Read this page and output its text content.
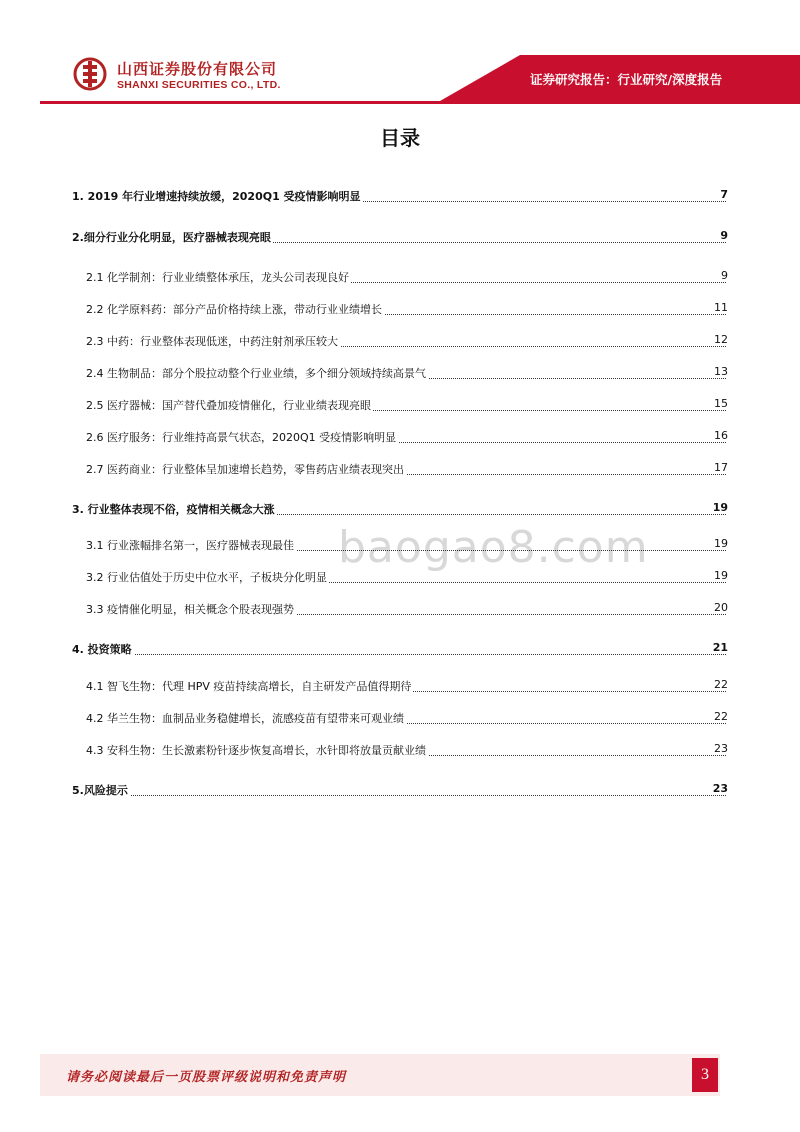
山西证券股份有限公司
SHANXI SECURITIES CO., LTD.	证券研究报告：行业研究/深度报告
目录
1. 2019 年行业增速持续放缓，2020Q1 受疫情影响明显	7
2.细分行业分化明显，医疗器械表现亮眼	9
2.1 化学制剂：行业业绩整体承压，龙头公司表现良好	9
2.2 化学原料药：部分产品价格持续上涨，带动行业业绩增长	11
2.3 中药：行业整体表现低迷，中药注射剂承压较大	12
2.4 生物制品：部分个股拉动整个行业业绩，多个细分领域持续高景气	13
2.5 医疗器械：国产替代叠加疫情催化，行业业绩表现亮眼	15
2.6 医疗服务：行业维持高景气状态，2020Q1 受疫情影响明显	16
2.7 医药商业：行业整体呈加速增长趋势，零售药店业绩表现突出	17
3. 行业整体表现不俗，疫情相关概念大涨	19
3.1 行业涨幅排名第一，医疗器械表现最佳	19
3.2 行业估值处于历史中位水平，子板块分化明显	19
3.3 疫情催化明显，相关概念个股表现强势	20
4. 投资策略	21
4.1 智飞生物：代理 HPV 疫苗持续高增长，自主研发产品值得期待	22
4.2 华兰生物：血制品业务稳健增长，流感疫苗有望带来可观业绩	22
4.3 安科生物：生长激素粉针逐步恢复高增长，水针即将放量贡献业绩	23
5.风险提示	23
baogao8.com
请务必阅读最后一页股票评级说明和免责声明	3
